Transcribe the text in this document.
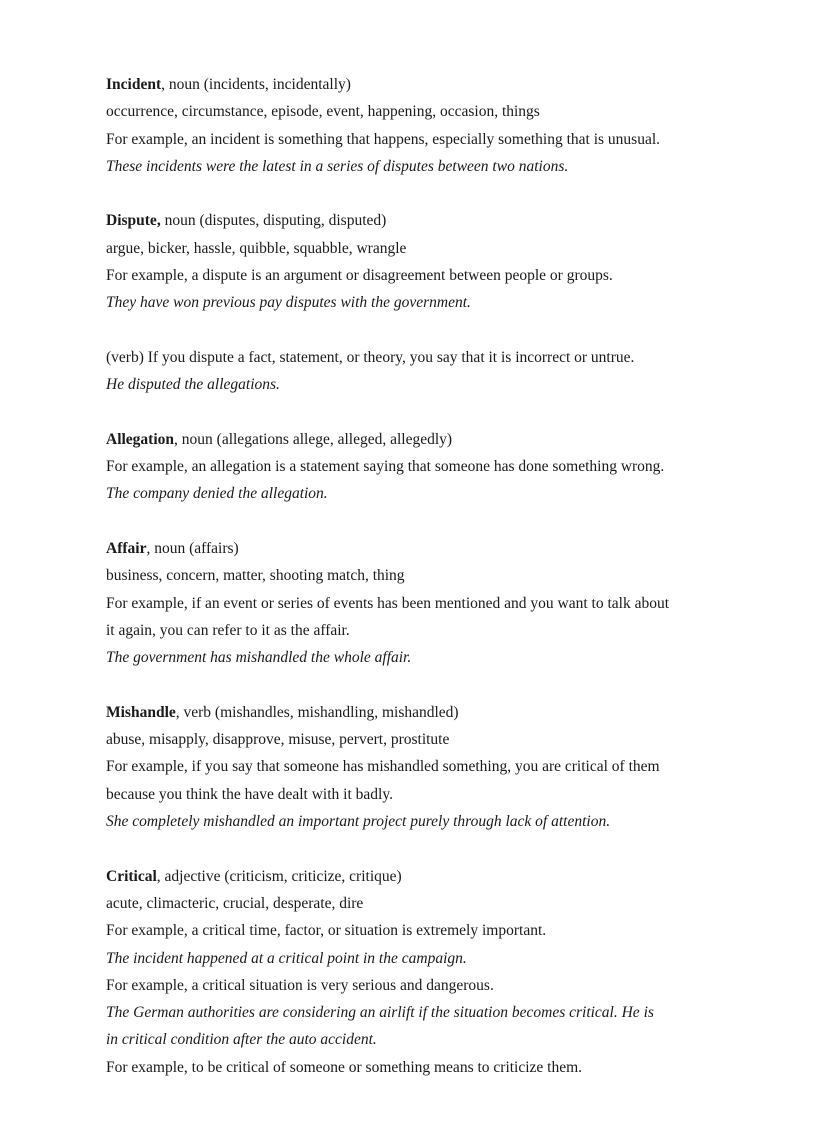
Incident, noun (incidents, incidentally)
occurrence, circumstance, episode, event, happening, occasion, things
For example, an incident is something that happens, especially something that is unusual.
These incidents were the latest in a series of disputes between two nations.
Dispute, noun (disputes, disputing, disputed)
argue, bicker, hassle, quibble, squabble, wrangle
For example, a dispute is an argument or disagreement between people or groups.
They have won previous pay disputes with the government.
(verb) If you dispute a fact, statement, or theory, you say that it is incorrect or untrue.
He disputed the allegations.
Allegation, noun (allegations allege, alleged, allegedly)
For example, an allegation is a statement saying that someone has done something wrong.
The company denied the allegation.
Affair, noun (affairs)
business, concern, matter, shooting match, thing
For example, if an event or series of events has been mentioned and you want to talk about
it again, you can refer to it as the affair.
The government has mishandled the whole affair.
Mishandle, verb (mishandles, mishandling, mishandled)
abuse, misapply, disapprove, misuse, pervert, prostitute
For example, if you say that someone has mishandled something, you are critical of them
because you think the have dealt with it badly.
She completely mishandled an important project purely through lack of attention.
Critical, adjective (criticism, criticize, critique)
acute, climacteric, crucial, desperate, dire
For example, a critical time, factor, or situation is extremely important.
The incident happened at a critical point in the campaign.
For example, a critical situation is very serious and dangerous.
The German authorities are considering an airlift if the situation becomes critical. He is
in critical condition after the auto accident.
For example, to be critical of someone or something means to criticize them.
